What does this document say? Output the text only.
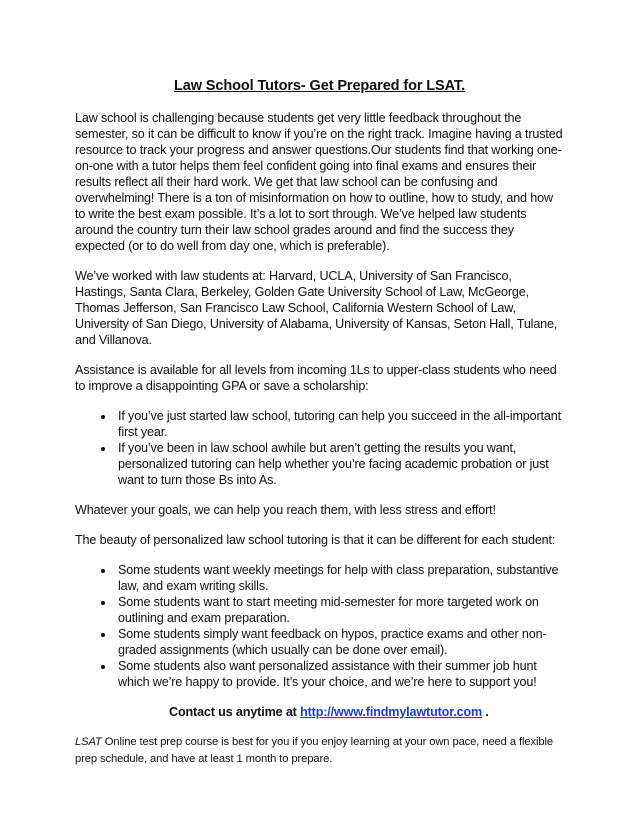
Law School Tutors- Get Prepared for LSAT.

Law school is challenging because students get very little feedback throughout the semester, so it can be difficult to know if you’re on the right track. Imagine having a trusted resource to track your progress and answer questions.Our students find that working one-on-one with a tutor helps them feel confident going into final exams and ensures their results reflect all their hard work. We get that law school can be confusing and overwhelming! There is a ton of misinformation on how to outline, how to study, and how to write the best exam possible. It’s a lot to sort through. We’ve helped law students around the country turn their law school grades around and find the success they expected (or to do well from day one, which is preferable).

We’ve worked with law students at: Harvard, UCLA, University of San Francisco, Hastings, Santa Clara, Berkeley, Golden Gate University School of Law, McGeorge, Thomas Jefferson, San Francisco Law School, California Western School of Law, University of San Diego, University of Alabama, University of Kansas, Seton Hall, Tulane, and Villanova.

Assistance is available for all levels from incoming 1Ls to upper-class students who need to improve a disappointing GPA or save a scholarship:

• If you’ve just started law school, tutoring can help you succeed in the all-important first year.
• If you’ve been in law school awhile but aren’t getting the results you want, personalized tutoring can help whether you’re facing academic probation or just want to turn those Bs into As.

Whatever your goals, we can help you reach them, with less stress and effort!

The beauty of personalized law school tutoring is that it can be different for each student:

• Some students want weekly meetings for help with class preparation, substantive law, and exam writing skills.
• Some students want to start meeting mid-semester for more targeted work on outlining and exam preparation.
• Some students simply want feedback on hypos, practice exams and other non-graded assignments (which usually can be done over email).
• Some students also want personalized assistance with their summer job hunt which we’re happy to provide. It’s your choice, and we’re here to support you!

Contact us anytime at http://www.findmylawtutor.com .

LSAT Online test prep course is best for you if you enjoy learning at your own pace, need a flexible prep schedule, and have at least 1 month to prepare.
